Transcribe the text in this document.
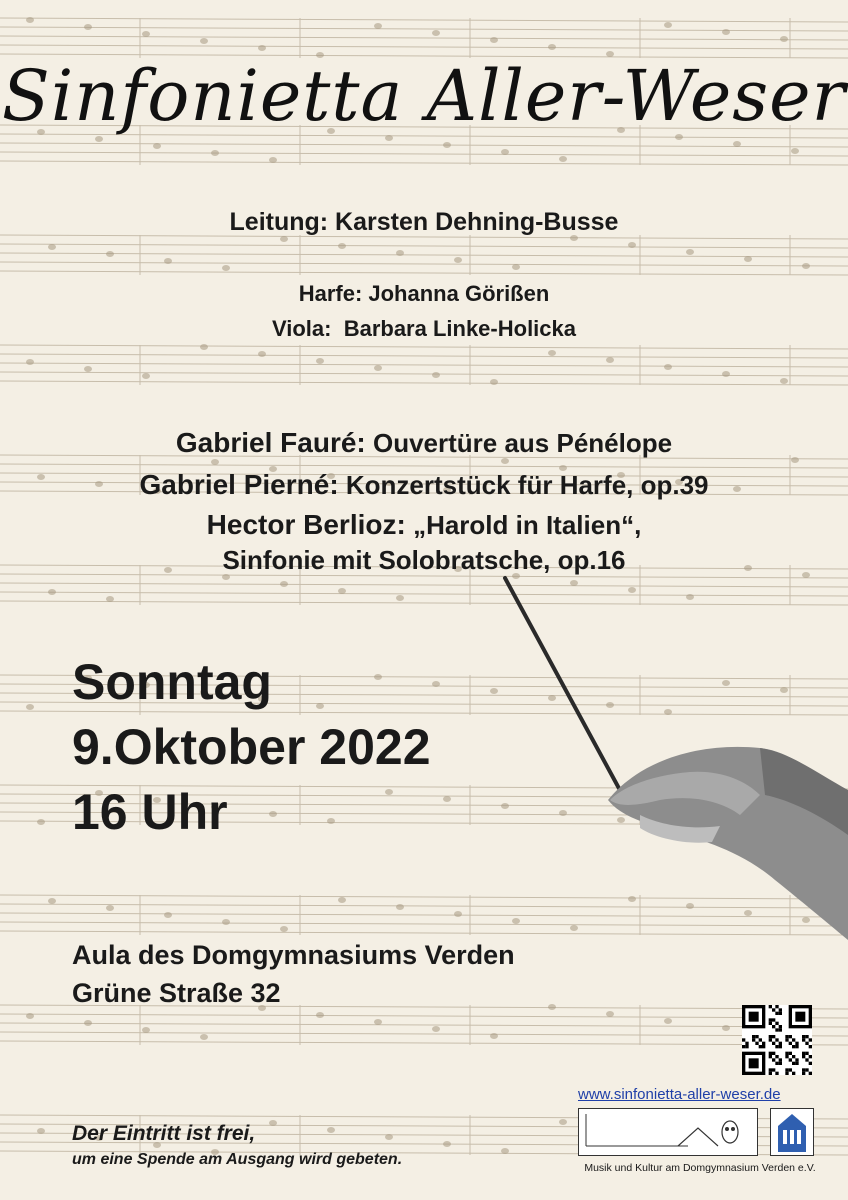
Sinfonietta Aller-Weser
Leitung: Karsten Dehning-Busse
Harfe: Johanna Görißen
Viola:  Barbara Linke-Holicka
Gabriel Fauré: Ouvertüre aus Pénélope
Gabriel Pierné: Konzertstück für Harfe, op.39
Hector Berlioz: „Harold in Italien“,
Sinfonie mit Solobratsche, op.16
Sonntag
9.Oktober 2022
16 Uhr
Aula des Domgymnasiums Verden
Grüne Straße 32
Der Eintritt ist frei,
um eine Spende am Ausgang wird gebeten.
www.sinfonietta-aller-weser.de
Musik und Kultur am Domgymnasium Verden e.V.
